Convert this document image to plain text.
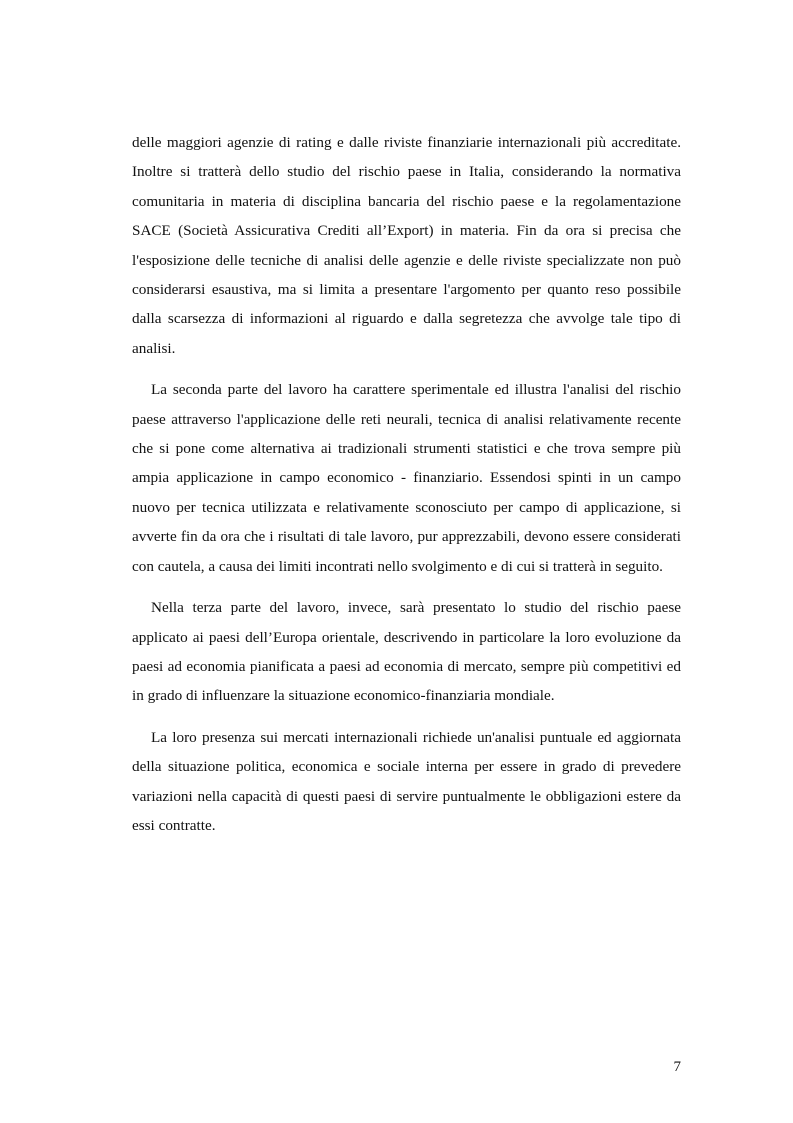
delle maggiori agenzie di rating e dalle riviste finanziarie internazionali più accreditate. Inoltre si tratterà dello studio del rischio paese in Italia, considerando la normativa comunitaria in materia di disciplina bancaria del rischio paese e la regolamentazione SACE (Società Assicurativa Crediti all’Export) in materia. Fin da ora si precisa che l'esposizione delle tecniche di analisi delle agenzie e delle riviste specializzate non può considerarsi esaustiva, ma si limita a presentare l'argomento per quanto reso possibile dalla scarsezza di informazioni al riguardo e dalla segretezza che avvolge tale tipo di analisi.

La seconda parte del lavoro ha carattere sperimentale ed illustra l'analisi del rischio paese attraverso l'applicazione delle reti neurali, tecnica di analisi relativamente recente che si pone come alternativa ai tradizionali strumenti statistici e che trova sempre più ampia applicazione in campo economico - finanziario. Essendosi spinti in un campo nuovo per tecnica utilizzata e relativamente sconosciuto per campo di applicazione, si avverte fin da ora che i risultati di tale lavoro, pur apprezzabili, devono essere considerati con cautela, a causa dei limiti incontrati nello svolgimento e di cui si tratterà in seguito.

Nella terza parte del lavoro, invece, sarà presentato lo studio del rischio paese applicato ai paesi dell’Europa orientale, descrivendo in particolare la loro evoluzione da paesi ad economia pianificata a paesi ad economia di mercato, sempre più competitivi ed in grado di influenzare la situazione economico-finanziaria mondiale.

La loro presenza sui mercati internazionali richiede un'analisi puntuale ed aggiornata della situazione politica, economica e sociale interna per essere in grado di prevedere variazioni nella capacità di questi paesi di servire puntualmente le obbligazioni estere da essi contratte.

7
